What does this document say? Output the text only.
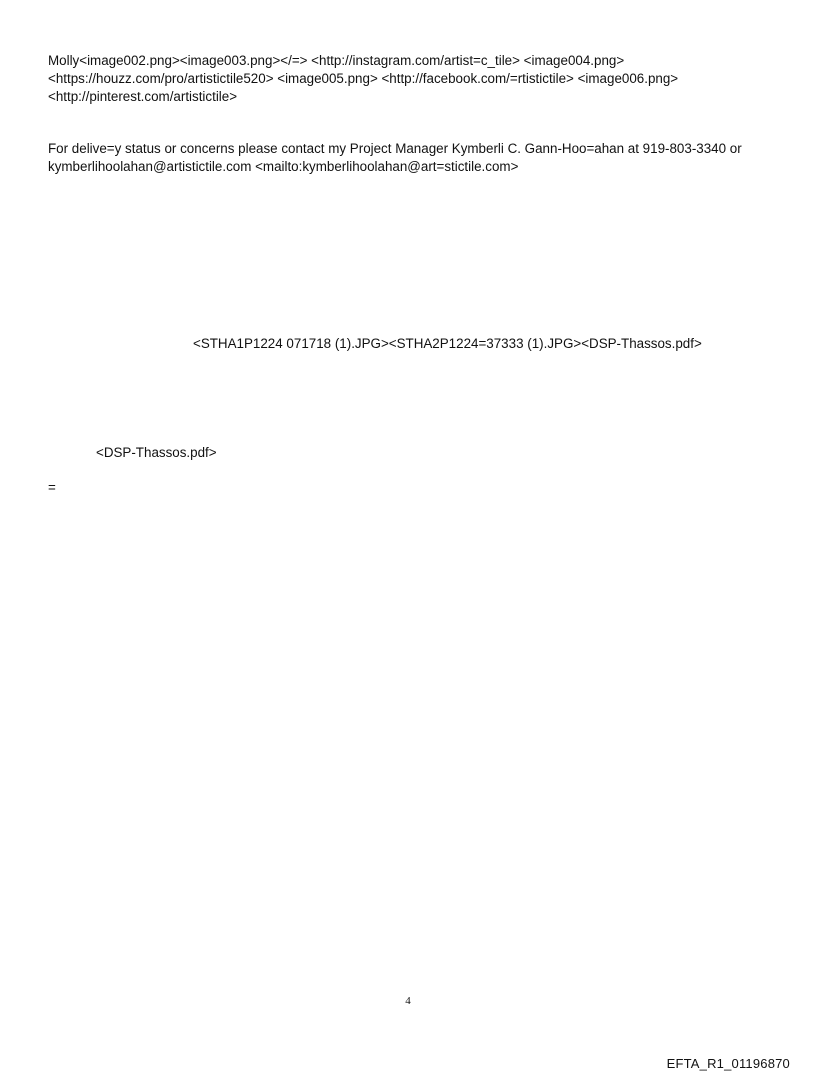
Molly<image002.png><image003.png></=> <http://instagram.com/artist=c_tile> <image004.png>
<https://houzz.com/pro/artistictile520> <image005.png> <http://facebook.com/=rtistictile> <image006.png>
<http://pinterest.com/artistictile>
For delive=y status or concerns please contact my Project Manager Kymberli C. Gann-Hoo=ahan at 919-803-3340 or
kymberlihoolahan@artistictile.com <mailto:kymberlihoolahan@art=stictile.com>
<STHA1P1224 071718 (1).JPG><STHA2P1224=37333 (1).JPG><DSP-Thassos.pdf>
<DSP-Thassos.pdf>
=
4
EFTA_R1_01196870
